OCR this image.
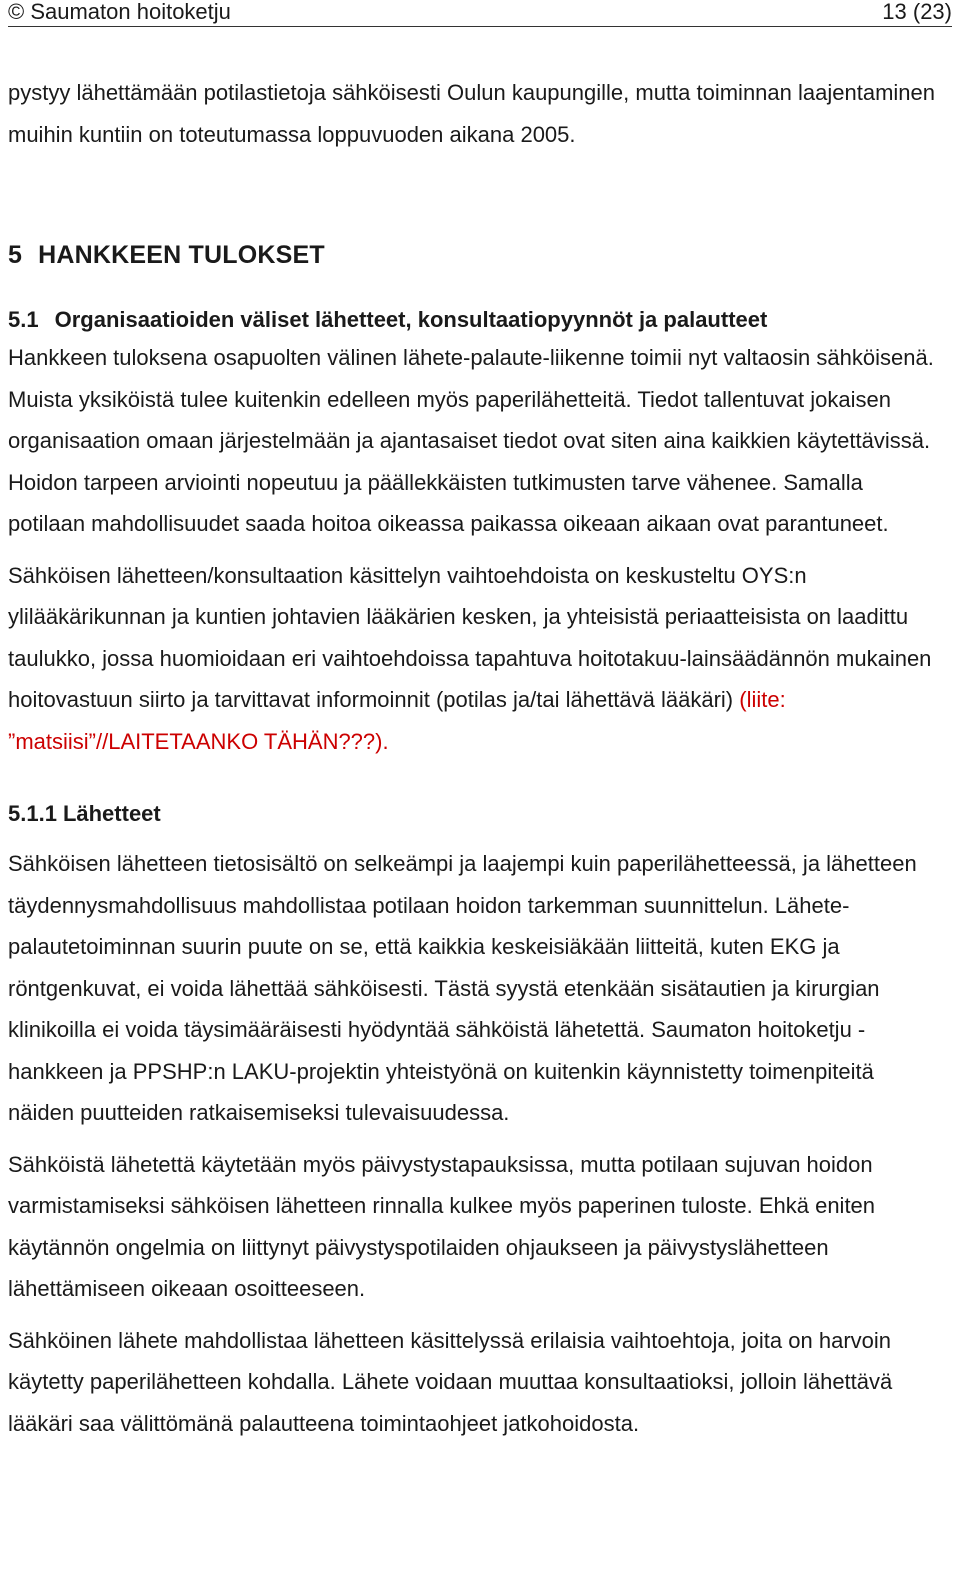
© Saumaton hoitoketju	13 (23)

pystyy lähettämään potilastietoja sähköisesti Oulun kaupungille, mutta toiminnan laajentaminen muihin kuntiin on toteutumassa loppuvuoden aikana 2005.

5 HANKKEEN TULOKSET
5.1 Organisaatioiden väliset lähetteet, konsultaatiopyynnöt ja palautteet

Hankkeen tuloksena osapuolten välinen lähete-palaute-liikenne toimii nyt valtaosin sähköisenä. Muista yksiköistä tulee kuitenkin edelleen myös paperilähetteitä. Tiedot tallentuvat jokaisen organisaation omaan järjestelmään ja ajantasaiset tiedot ovat siten aina kaikkien käytettävissä. Hoidon tarpeen arviointi nopeutuu ja päällekkäisten tutkimusten tarve vähenee. Samalla potilaan mahdollisuudet saada hoitoa oikeassa paikassa oikeaan aikaan ovat parantuneet.

Sähköisen lähetteen/konsultaation käsittelyn vaihtoehdoista on keskusteltu OYS:n ylilääkärikunnan ja kuntien johtavien lääkärien kesken, ja yhteisistä periaatteisista on laadittu taulukko, jossa huomioidaan eri vaihtoehdoissa tapahtuva hoitotakuu-lainsäädännön mukainen hoitovastuun siirto ja tarvittavat informoinnit (potilas ja/tai lähettävä lääkäri) (liite: ”matsiisi”//LAITETAANKO TÄHÄN???).

5.1.1 Lähetteet

Sähköisen lähetteen tietosisältö on selkeämpi ja laajempi kuin paperilähetteessä, ja lähetteen täydennysmahdollisuus mahdollistaa potilaan hoidon tarkemman suunnittelun. Lähete-palautetoiminnan suurin puute on se, että kaikkia keskeisiäkään liitteitä, kuten EKG ja röntgenkuvat, ei voida lähettää sähköisesti. Tästä syystä etenkään sisätautien ja kirurgian klinikoilla ei voida täysimääräisesti hyödyntää sähköistä lähetettä. Saumaton hoitoketju -hankkeen ja PPSHP:n LAKU-projektin yhteistyönä on kuitenkin käynnistetty toimenpiteitä näiden puutteiden ratkaisemiseksi tulevaisuudessa.

Sähköistä lähetettä käytetään myös päivystystapauksissa, mutta potilaan sujuvan hoidon varmistamiseksi sähköisen lähetteen rinnalla kulkee myös paperinen tuloste. Ehkä eniten käytännön ongelmia on liittynyt päivystyspotilaiden ohjaukseen ja päivystyslähetteen lähettämiseen oikeaan osoitteeseen.

Sähköinen lähete mahdollistaa lähetteen käsittelyssä erilaisia vaihtoehtoja, joita on harvoin käytetty paperilähetteen kohdalla. Lähete voidaan muuttaa konsultaatioksi, jolloin lähettävä lääkäri saa välittömänä palautteena toimintaohjeet jatkohoidosta.
